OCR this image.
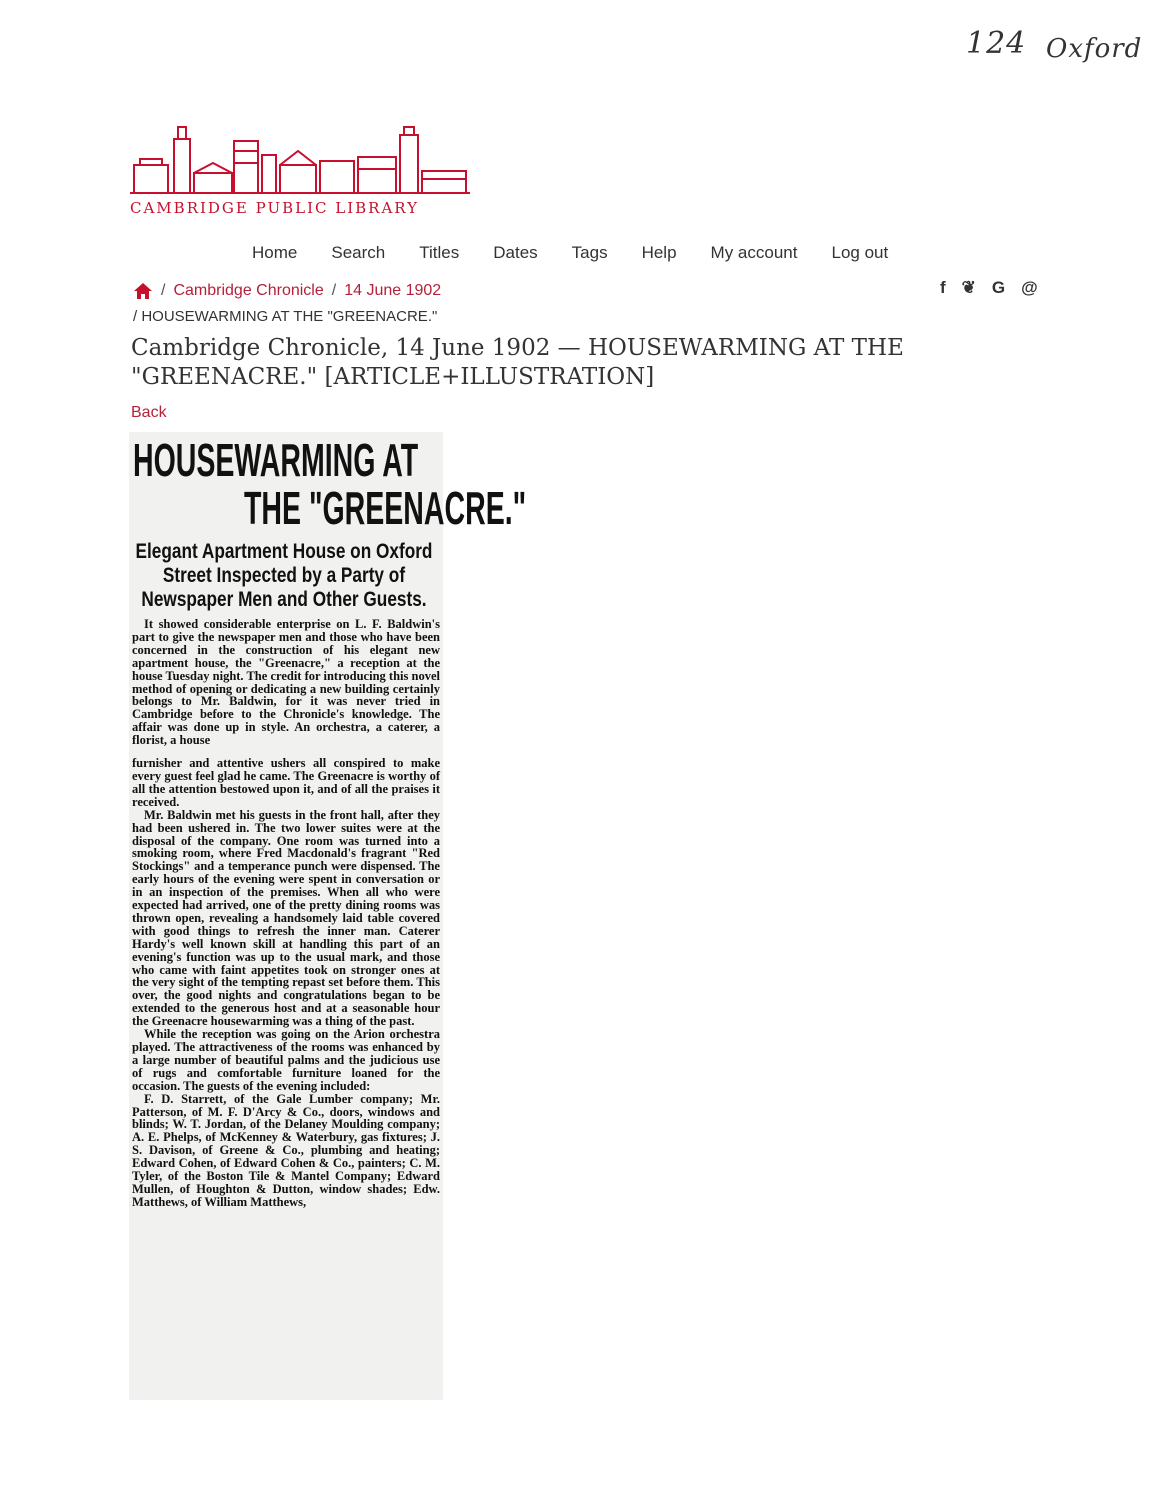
124 Oxford
CAMBRIDGE PUBLIC LIBRARY
Home Search Titles Dates Tags Help My account Log out
/ Cambridge Chronicle / 14 June 1902
/ HOUSEWARMING AT THE "GREENACRE."
f ❦ G @
Cambridge Chronicle, 14 June 1902 — HOUSEWARMING AT THE "GREENACRE." [ARTICLE+ILLUSTRATION]
Back
HOUSEWARMING AT
THE "GREENACRE."
Elegant Apartment House on Oxford Street Inspected by a Party of Newspaper Men and Other Guests.

It showed considerable enterprise on L. F. Baldwin's part to give the newspaper men and those who have been concerned in the construction of his elegant new apartment house, the "Greenacre," a reception at the house Tuesday night. The credit for introducing this novel method of opening or dedicating a new building certainly belongs to Mr. Baldwin, for it was never tried in Cambridge before to the Chronicle's knowledge. The affair was done up in style. An orchestra, a caterer, a florist, a house

furnisher and attentive ushers all conspired to make every guest feel glad he came. The Greenacre is worthy of all the attention bestowed upon it, and of all the praises it received.

Mr. Baldwin met his guests in the front hall, after they had been ushered in. The two lower suites were at the disposal of the company. One room was turned into a smoking room, where Fred Macdonald's fragrant "Red Stockings" and a temperance punch were dispensed. The early hours of the evening were spent in conversation or in an inspection of the premises. When all who were expected had arrived, one of the pretty dining rooms was thrown open, revealing a handsomely laid table covered with good things to refresh the inner man. Caterer Hardy's well known skill at handling this part of an evening's function was up to the usual mark, and those who came with faint appetites took on stronger ones at the very sight of the tempting repast set before them. This over, the good nights and congratulations began to be extended to the generous host and at a seasonable hour the Greenacre housewarming was a thing of the past.

While the reception was going on the Arion orchestra played. The attractiveness of the rooms was enhanced by a large number of beautiful palms and the judicious use of rugs and comfortable furniture loaned for the occasion. The guests of the evening included:

F. D. Starrett, of the Gale Lumber company; Mr. Patterson, of M. F. D'Arcy & Co., doors, windows and blinds; W. T. Jordan, of the Delaney Moulding company; A. E. Phelps, of McKenney & Waterbury, gas fixtures; J. S. Davison, of Greene & Co., plumbing and heating; Edward Cohen, of Edward Cohen & Co., painters; C. M. Tyler, of the Boston Tile & Mantel Company; Edward Mullen, of Houghton & Dutton, window shades; Edw. Matthews, of William Matthews,
